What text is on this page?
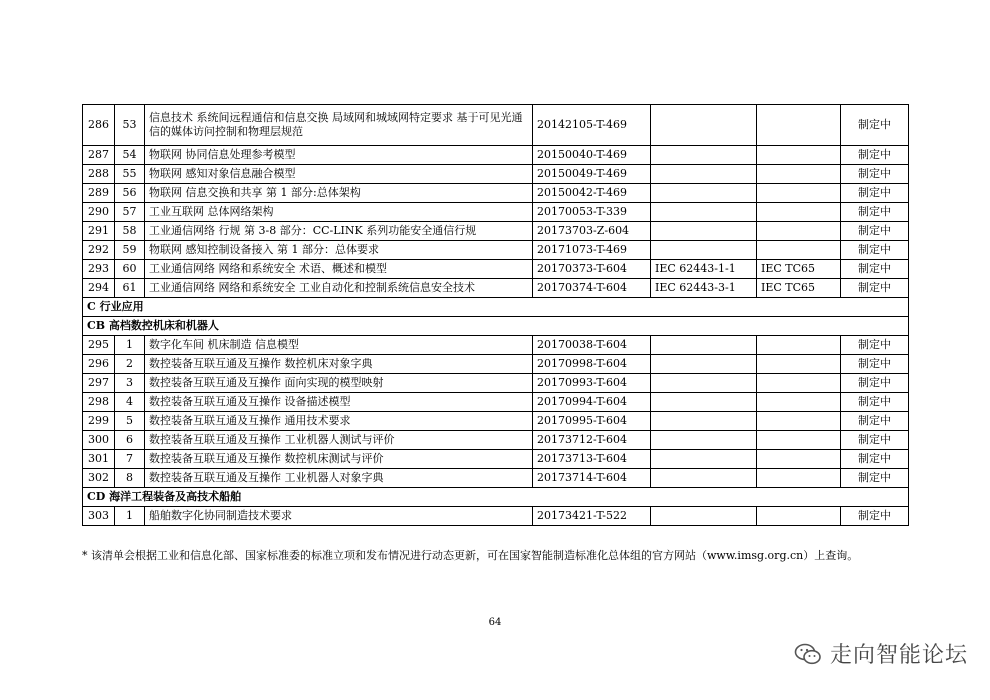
286	53	信息技术 系统间远程通信和信息交换 局域网和城域网特定要求 基于可见光通信的媒体访问控制和物理层规范	20142105-T-469			制定中
287	54	物联网 协同信息处理参考模型	20150040-T-469			制定中
288	55	物联网 感知对象信息融合模型	20150049-T-469			制定中
289	56	物联网 信息交换和共享 第 1 部分:总体架构	20150042-T-469			制定中
290	57	工业互联网 总体网络架构	20170053-T-339			制定中
291	58	工业通信网络 行规 第 3-8 部分：CC-LINK 系列功能安全通信行规	20173703-Z-604			制定中
292	59	物联网 感知控制设备接入 第 1 部分：总体要求	20171073-T-469			制定中
293	60	工业通信网络 网络和系统安全 术语、概述和模型	20170373-T-604	IEC 62443-1-1	IEC TC65	制定中
294	61	工业通信网络 网络和系统安全 工业自动化和控制系统信息安全技术	20170374-T-604	IEC 62443-3-1	IEC TC65	制定中
C 行业应用						
CB 高档数控机床和机器人						
295	1	数字化车间 机床制造 信息模型	20170038-T-604			制定中
296	2	数控装备互联互通及互操作 数控机床对象字典	20170998-T-604			制定中
297	3	数控装备互联互通及互操作 面向实现的模型映射	20170993-T-604			制定中
298	4	数控装备互联互通及互操作 设备描述模型	20170994-T-604			制定中
299	5	数控装备互联互通及互操作 通用技术要求	20170995-T-604			制定中
300	6	数控装备互联互通及互操作 工业机器人测试与评价	20173712-T-604			制定中
301	7	数控装备互联互通及互操作 数控机床测试与评价	20173713-T-604			制定中
302	8	数控装备互联互通及互操作 工业机器人对象字典	20173714-T-604			制定中
CD 海洋工程装备及高技术船舶						
303	1	船舶数字化协同制造技术要求	20173421-T-522			制定中
* 该清单会根据工业和信息化部、国家标准委的标准立项和发布情况进行动态更新，可在国家智能制造标准化总体组的官方网站（www.imsg.org.cn）上查询。
64
走向智能论坛
